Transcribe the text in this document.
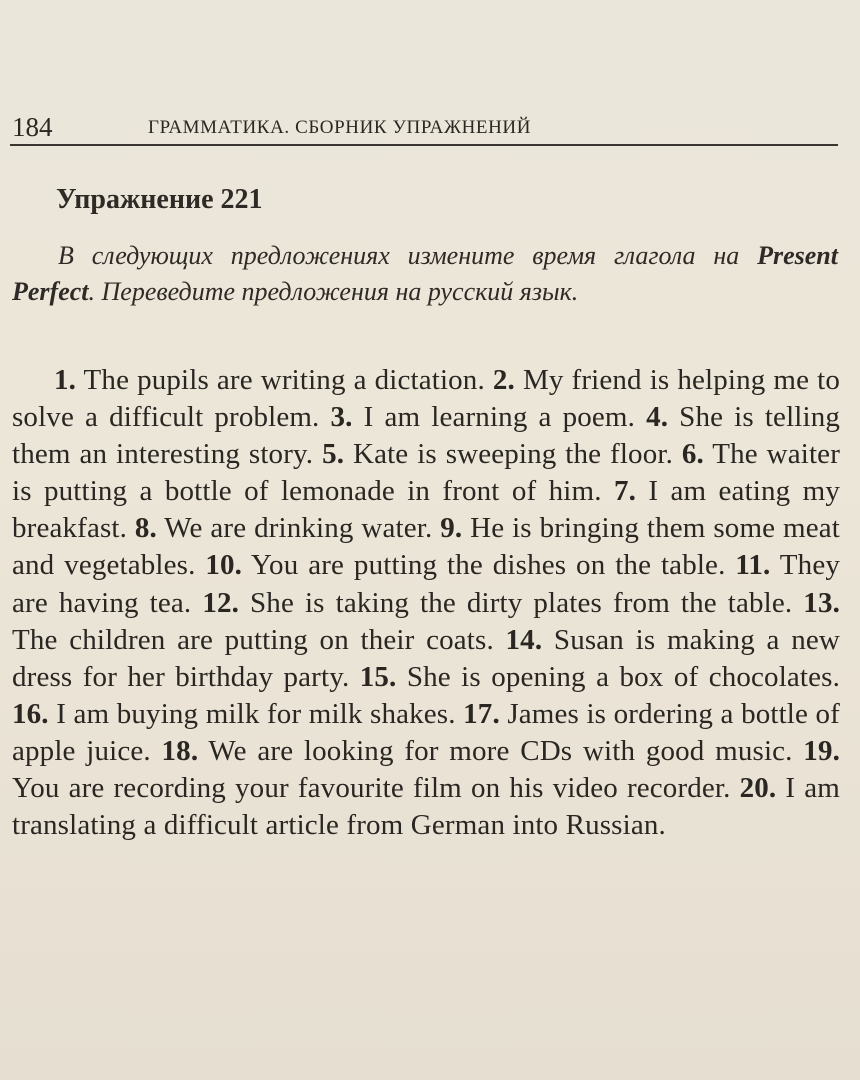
184	ГРАММАТИКА. СБОРНИК УПРАЖНЕНИЙ
Упражнение 221

В следующих предложениях измените время глагола на Present Perfect. Переведите предложения на русский язык.

1. The pupils are writing a dictation. 2. My friend is helping me to solve a difficult problem. 3. I am learning a poem. 4. She is telling them an interesting story. 5. Kate is sweeping the floor. 6. The waiter is putting a bottle of lemonade in front of him. 7. I am eating my breakfast. 8. We are drinking water. 9. He is bringing them some meat and vegetables. 10. You are putting the dishes on the table. 11. They are having tea. 12. She is taking the dirty plates from the table. 13. The children are putting on their coats. 14. Susan is making a new dress for her birthday party. 15. She is opening a box of chocolates. 16. I am buying milk for milk shakes. 17. James is ordering a bottle of apple juice. 18. We are looking for more CDs with good music. 19. You are recording your favourite film on his video recorder. 20. I am translating a difficult article from German into Russian.
